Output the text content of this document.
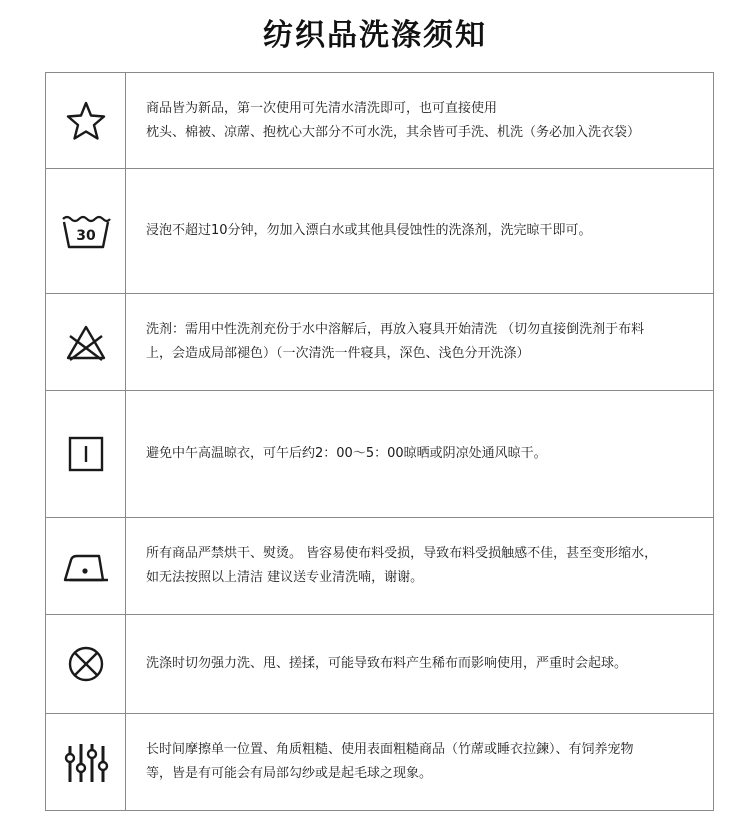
纺织品洗涤须知

商品皆为新品，第一次使用可先清水清洗即可，也可直接使用
枕头、棉被、凉蓆、抱枕心大部分不可水洗，其余皆可手洗、机洗（务必加入洗衣袋）

30	浸泡不超过10分钟，勿加入漂白水或其他具侵蚀性的洗涤剂，洗完晾干即可。

洗剂：需用中性洗剂充份于水中溶解后，再放入寝具开始清洗 （切勿直接倒洗剂于布料
上，会造成局部褪色）（一次清洗一件寝具，深色、浅色分开洗涤）

避免中午高温晾衣，可午后约2：00～5：00晾晒或阴凉处通风晾干。

所有商品严禁烘干、熨烫。 皆容易使布料受损，导致布料受损触感不佳，甚至变形缩水，
如无法按照以上清洁 建议送专业清洗喃，谢谢。

洗涤时切勿强力洗、甩、搓揉，可能导致布料产生稀布而影响使用，严重时会起球。

长时间摩擦单一位置、角质粗糙、使用表面粗糙商品（竹蓆或睡衣拉鍊）、有饲养宠物
等，皆是有可能会有局部勾纱或是起毛球之现象。
